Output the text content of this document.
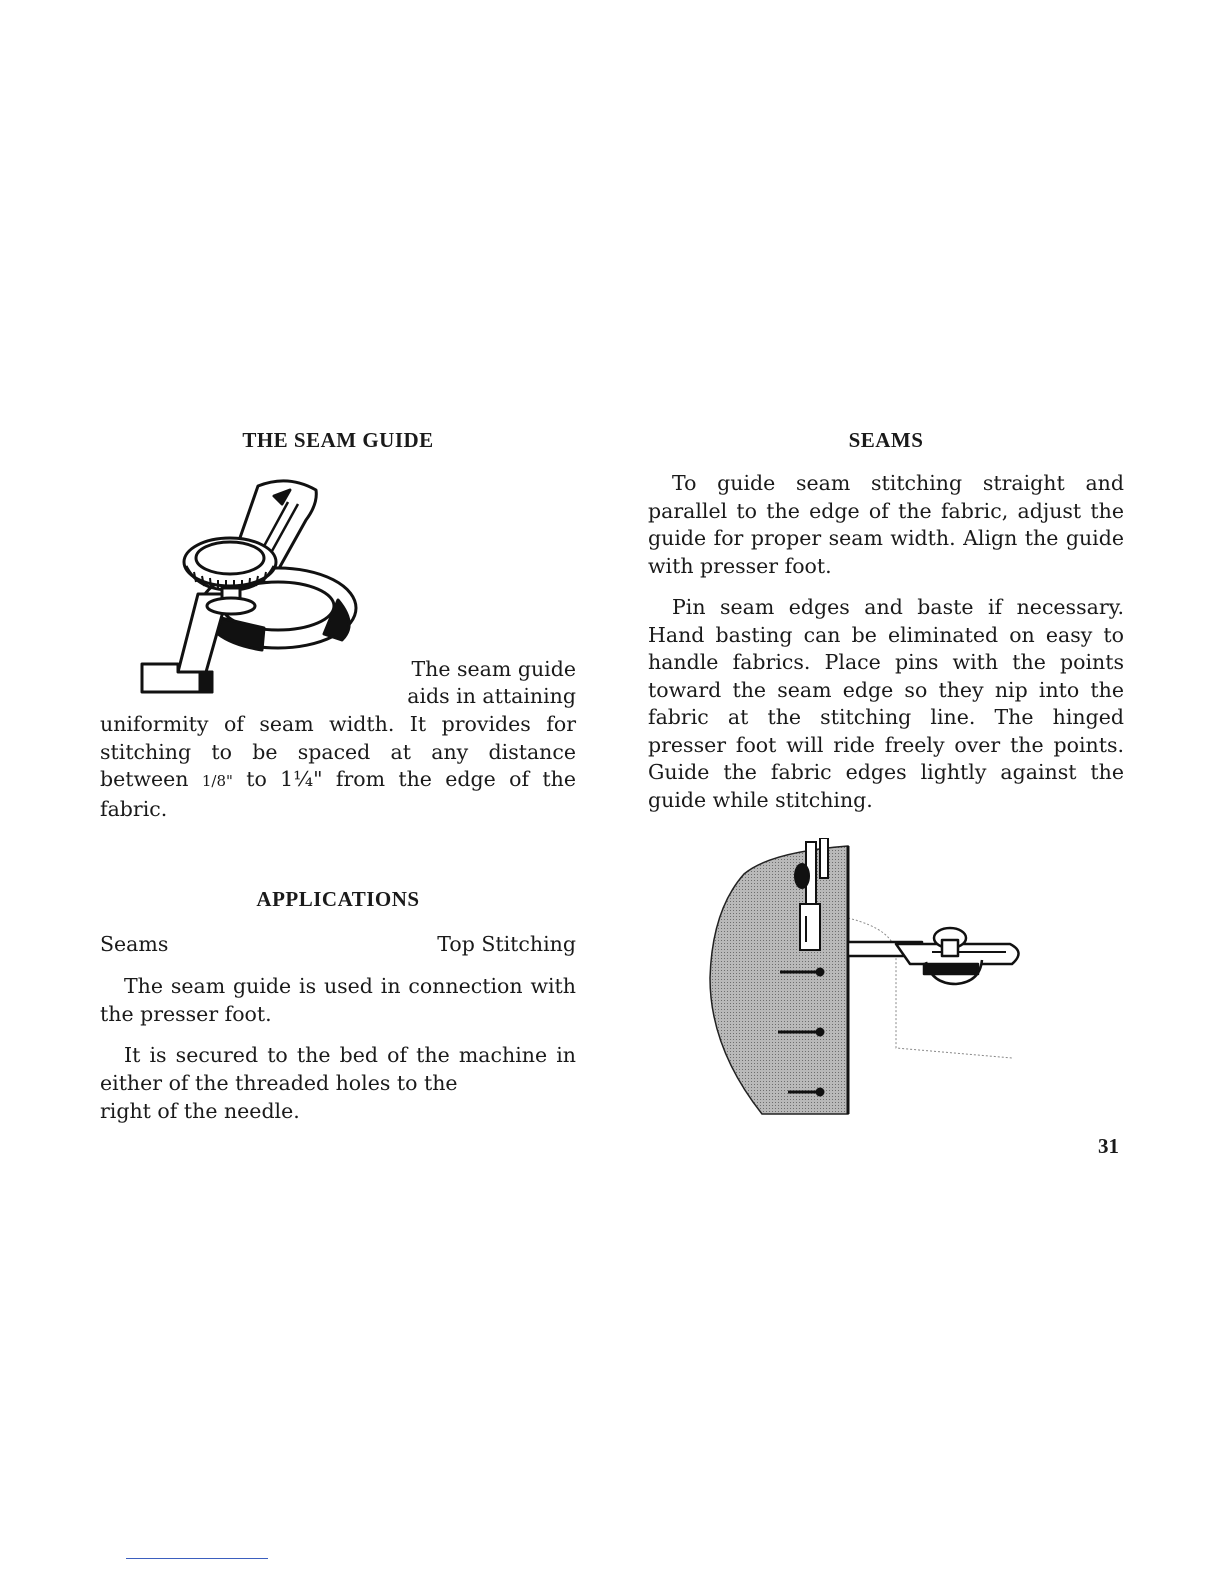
THE SEAM GUIDE

The seam guide

aids in attaining

uniformity of seam width. It provides for stitching to be spaced at any distance between 1/8" to 1¼" from the edge of the fabric.

APPLICATIONS
Seams	Top Stitching

The seam guide is used in connection with the presser foot.

It is secured to the bed of the machine in either of the threaded holes to the

right of the needle.

SEAMS

To guide seam stitching straight and parallel to the edge of the fabric, adjust the guide for proper seam width. Align the guide with presser foot.

Pin seam edges and baste if necessary. Hand basting can be eliminated on easy to handle fabrics. Place pins with the points toward the seam edge so they nip into the fabric at the stitching line. The hinged presser foot will ride freely over the points. Guide the fabric edges lightly against the guide while stitching.

31
